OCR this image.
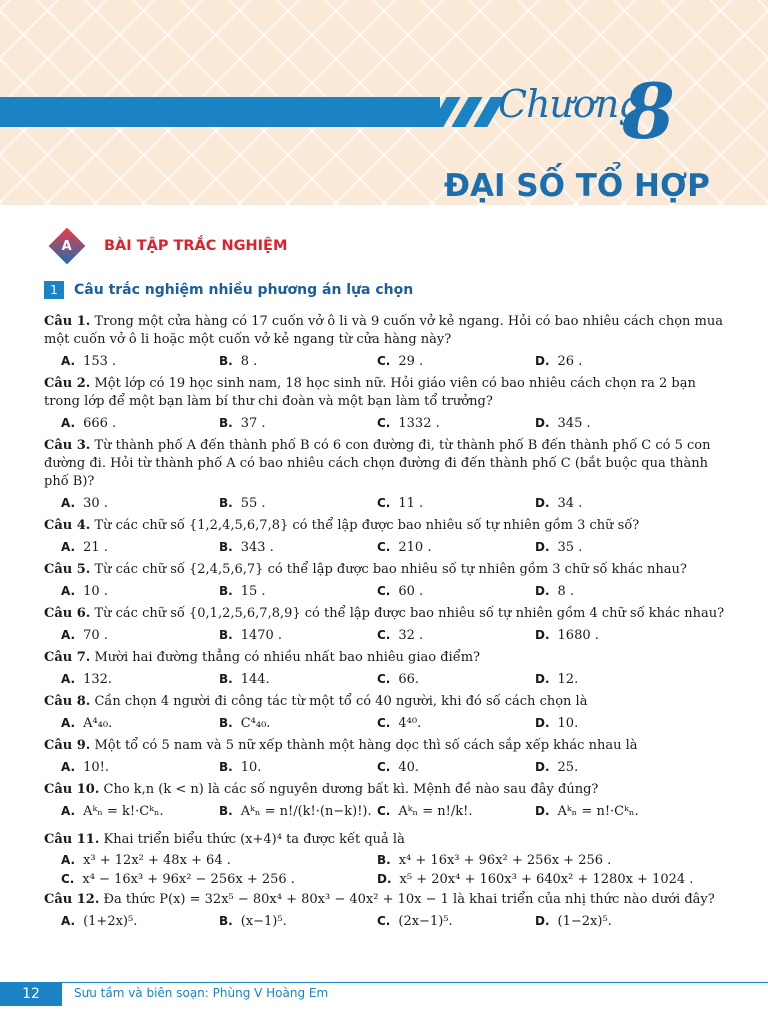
Chương
8
ĐẠI SỐ TỔ HỢP
A BÀI TẬP TRẮC NGHIỆM
1	Câu trắc nghiệm nhiều phương án lựa chọn

Câu 1. Trong một cửa hàng có 17 cuốn vở ô li và 9 cuốn vở kẻ ngang. Hỏi có bao nhiêu cách chọn mua một cuốn vở ô li hoặc một cuốn vở kẻ ngang từ cửa hàng này?

A. 153 .	B. 8 .	C. 29 .	D. 26 .

Câu 2. Một lớp có 19 học sinh nam, 18 học sinh nữ. Hỏi giáo viên có bao nhiêu cách chọn ra 2 bạn trong lớp để một bạn làm bí thư chi đoàn và một bạn làm tổ trưởng?

A. 666 .	B. 37 .	C. 1332 .	D. 345 .

Câu 3. Từ thành phố A đến thành phố B có 6 con đường đi, từ thành phố B đến thành phố C có 5 con đường đi. Hỏi từ thành phố A có bao nhiêu cách chọn đường đi đến thành phố C (bắt buộc qua thành phố B)?

A. 30 .	B. 55 .	C. 11 .	D. 34 .

Câu 4. Từ các chữ số {1,2,4,5,6,7,8} có thể lập được bao nhiêu số tự nhiên gồm 3 chữ số?

A. 21 .	B. 343 .	C. 210 .	D. 35 .

Câu 5. Từ các chữ số {2,4,5,6,7} có thể lập được bao nhiêu số tự nhiên gồm 3 chữ số khác nhau?

A. 10 .	B. 15 .	C. 60 .	D. 8 .

Câu 6. Từ các chữ số {0,1,2,5,6,7,8,9} có thể lập được bao nhiêu số tự nhiên gồm 4 chữ số khác nhau?

A. 70 .	B. 1470 .	C. 32 .	D. 1680 .

Câu 7. Mười hai đường thẳng có nhiều nhất bao nhiêu giao điểm?

A. 132.	B. 144.	C. 66.	D. 12.

Câu 8. Cần chọn 4 người đi công tác từ một tổ có 40 người, khi đó số cách chọn là

A. A⁴₄₀.	B. C⁴₄₀.	C. 4⁴⁰.	D. 10.

Câu 9. Một tổ có 5 nam và 5 nữ xếp thành một hàng dọc thì số cách sắp xếp khác nhau là

A. 10!.	B. 10.	C. 40.	D. 25.

Câu 10. Cho k,n (k < n) là các số nguyên dương bất kì. Mệnh đề nào sau đây đúng?

A. Aᵏₙ = k!·Cᵏₙ.	B. Aᵏₙ = n!/(k!·(n−k)!). C. Aᵏₙ = n!/k!.	D. Aᵏₙ = n!·Cᵏₙ.

Câu 11. Khai triển biểu thức (x+4)⁴ ta được kết quả là

A. x³ + 12x² + 48x + 64 .	B. x⁴ + 16x³ + 96x² + 256x + 256 .
C. x⁴ − 16x³ + 96x² − 256x + 256 .	D. x⁵ + 20x⁴ + 160x³ + 640x² + 1280x + 1024 .

Câu 12. Đa thức P(x) = 32x⁵ − 80x⁴ + 80x³ − 40x² + 10x − 1 là khai triển của nhị thức nào dưới đây?

A. (1+2x)⁵.	B. (x−1)⁵.	C. (2x−1)⁵.	D. (1−2x)⁵.
12	Sưu tầm và biên soạn: Phùng V Hoàng Em
